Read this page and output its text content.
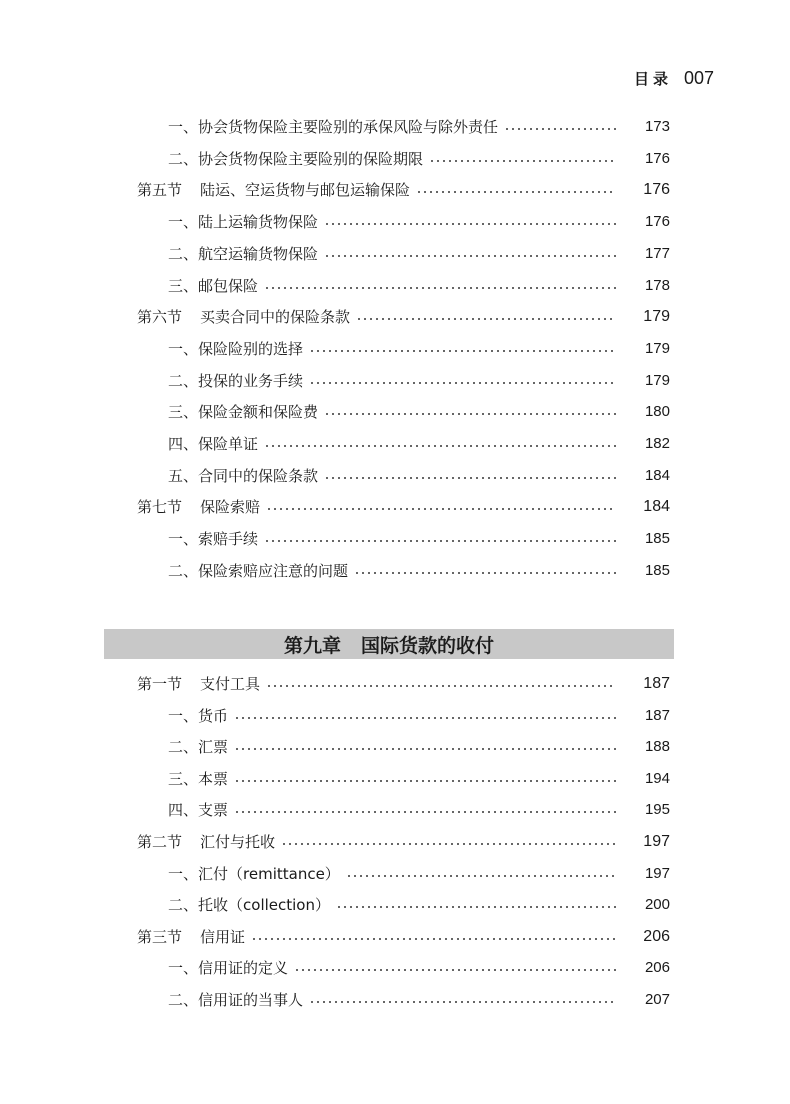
目录 007
一、 协会货物保险主要险别的承保风险与除外责任	173
二、 协会货物保险主要险别的保险期限	176
第五节 陆运、空运货物与邮包运输保险	176
一、 陆上运输货物保险	176
二、 航空运输货物保险	177
三、 邮包保险	178
第六节 买卖合同中的保险条款	179
一、 保险险别的选择	179
二、 投保的业务手续	179
三、 保险金额和保险费	180
四、 保险单证	182
五、 合同中的保险条款	184
第七节 保险索赔	184
一、 索赔手续	185
二、 保险索赔应注意的问题	185
第九章 国际货款的收付
第一节 支付工具	187
一、 货币	187
二、 汇票	188
三、 本票	194
四、 支票	195
第二节 汇付与托收	197
一、 汇付（remittance）	197
二、 托收（collection）	200
第三节 信用证	206
一、 信用证的定义	206
二、 信用证的当事人	207
